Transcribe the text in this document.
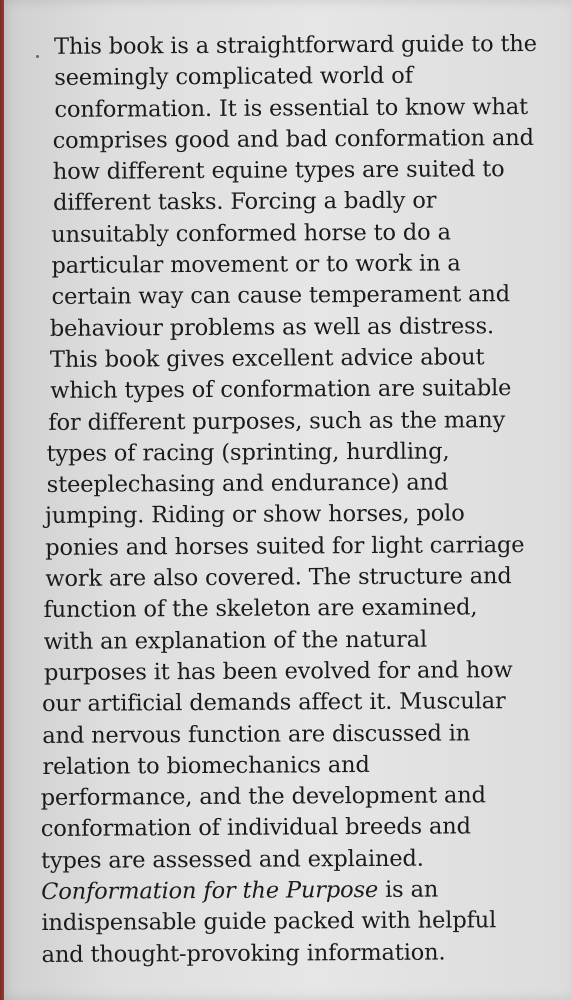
This book is a straightforward guide to the
seemingly complicated world of
conformation. It is essential to know what
comprises good and bad conformation and
how different equine types are suited to
different tasks. Forcing a badly or
unsuitably conformed horse to do a
particular movement or to work in a
certain way can cause temperament and
behaviour problems as well as distress.
This book gives excellent advice about
which types of conformation are suitable
for different purposes, such as the many
types of racing (sprinting, hurdling,
steeplechasing and endurance) and
jumping. Riding or show horses, polo
ponies and horses suited for light carriage
work are also covered. The structure and
function of the skeleton are examined,
with an explanation of the natural
purposes it has been evolved for and how
our artificial demands affect it. Muscular
and nervous function are discussed in
relation to biomechanics and
performance, and the development and
conformation of individual breeds and
types are assessed and explained.
Conformation for the Purpose is an
indispensable guide packed with helpful
and thought-provoking information.
